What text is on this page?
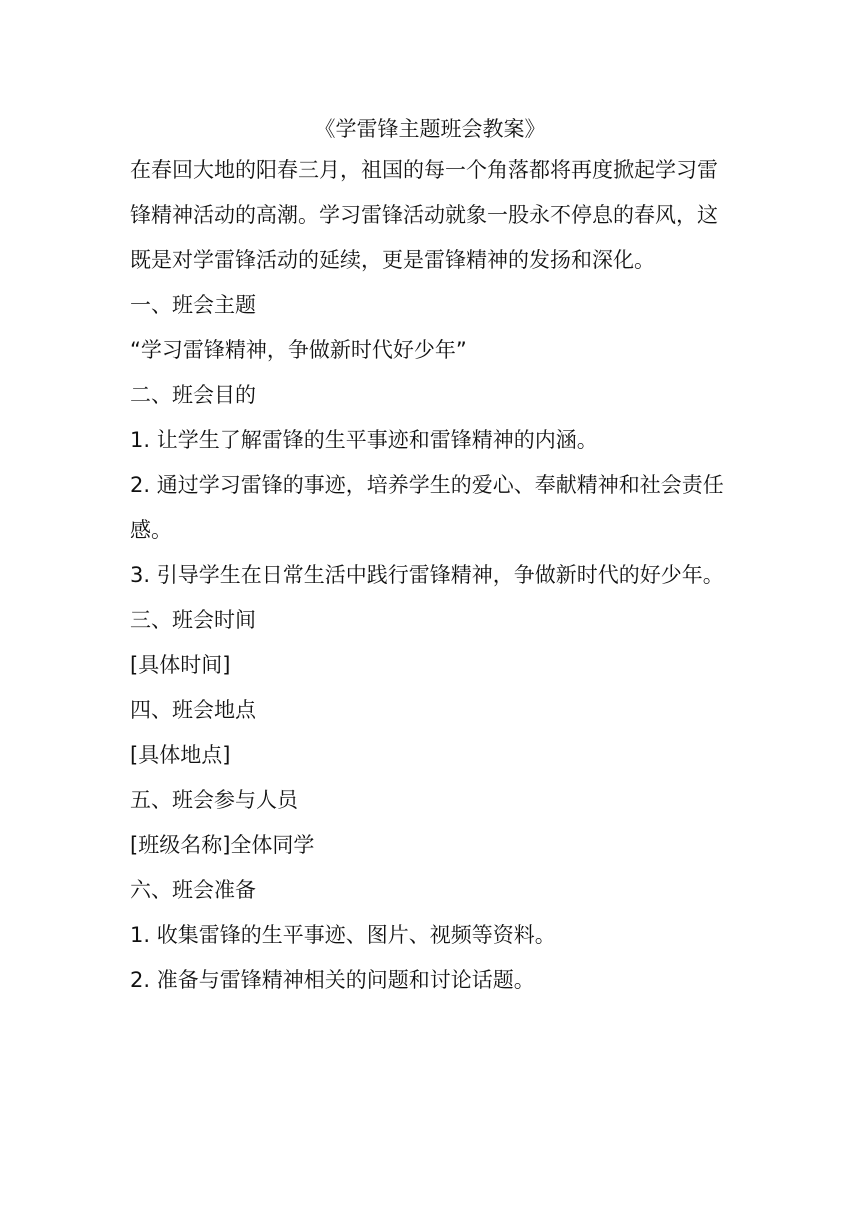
《学雷锋主题班会教案》

在春回大地的阳春三月，祖国的每一个角落都将再度掀起学习雷锋精神活动的高潮。学习雷锋活动就象一股永不停息的春风，这既是对学雷锋活动的延续，更是雷锋精神的发扬和深化。

一、班会主题

“学习雷锋精神，争做新时代好少年”

二、班会目的

1. 让学生了解雷锋的生平事迹和雷锋精神的内涵。

2. 通过学习雷锋的事迹，培养学生的爱心、奉献精神和社会责任感。

3. 引导学生在日常生活中践行雷锋精神，争做新时代的好少年。

三、班会时间

[具体时间]

四、班会地点

[具体地点]

五、班会参与人员

[班级名称]全体同学

六、班会准备

1. 收集雷锋的生平事迹、图片、视频等资料。

2. 准备与雷锋精神相关的问题和讨论话题。
